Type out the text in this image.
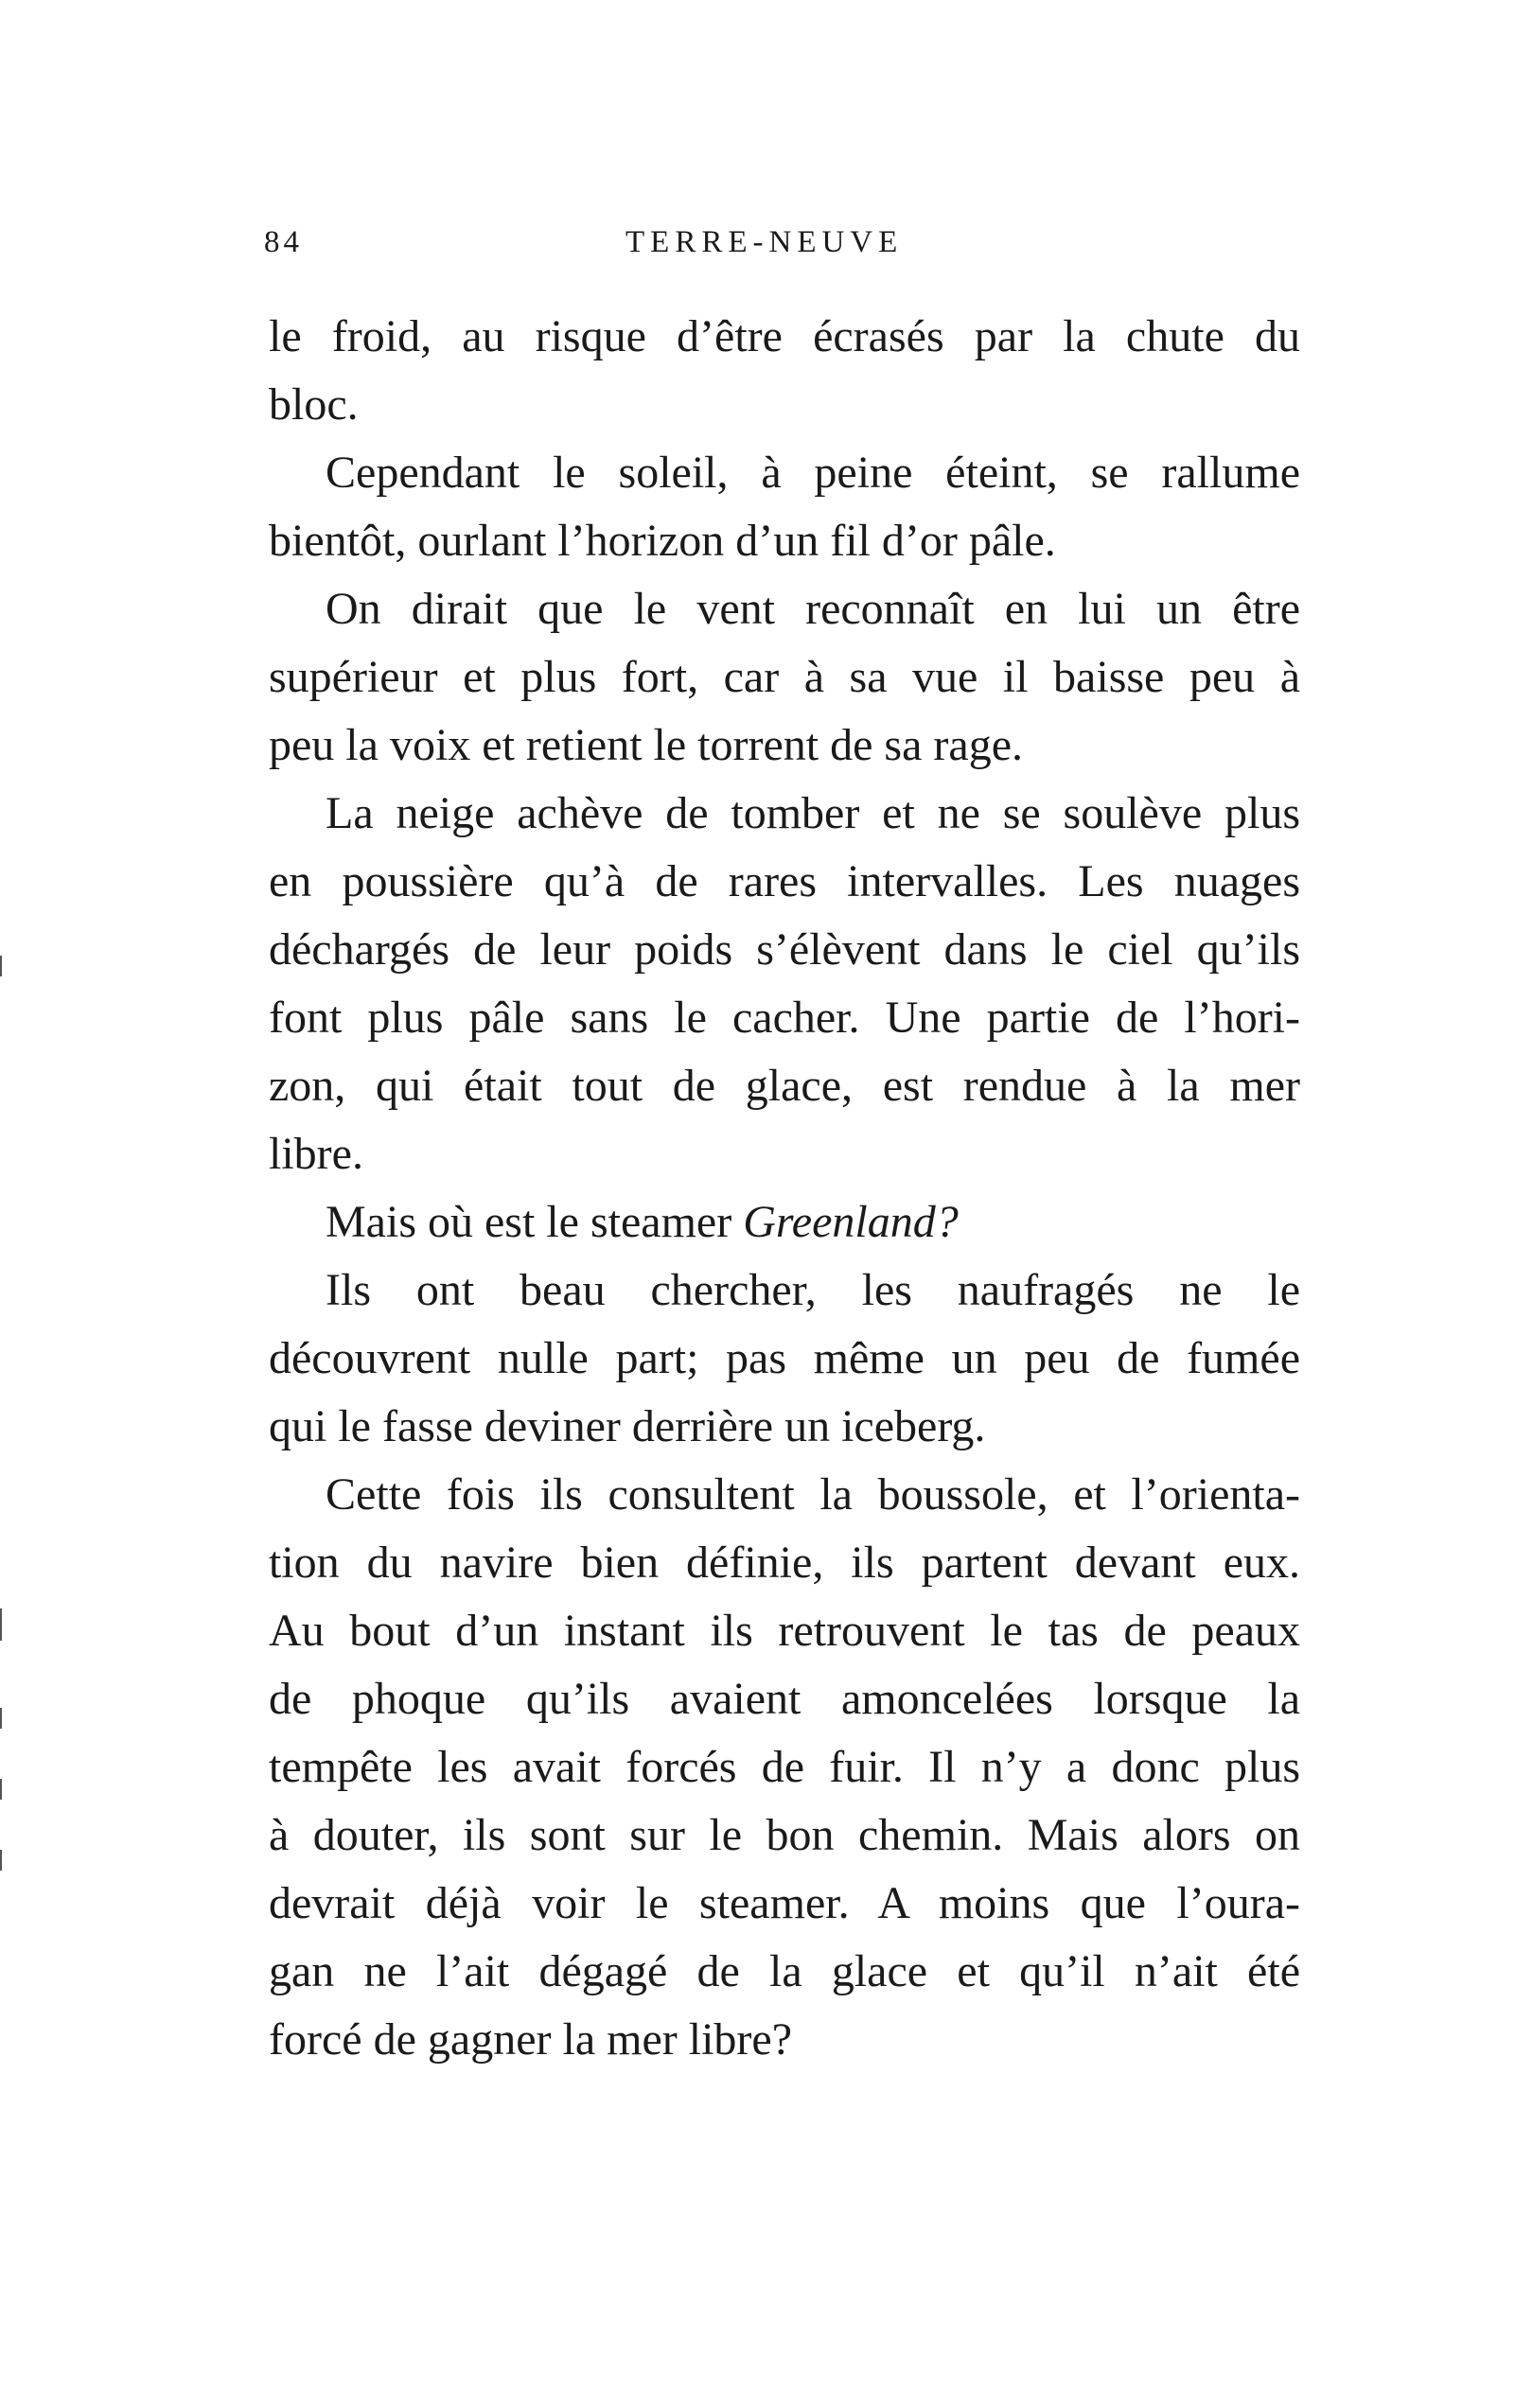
84	TERRE-NEUVE
le froid, au risque d’être écrasés par la chute du
bloc.
Cependant le soleil, à peine éteint, se rallume
bientôt, ourlant l’horizon d’un fil d’or pâle.
On dirait que le vent reconnaît en lui un être
supérieur et plus fort, car à sa vue il baisse peu à
peu la voix et retient le torrent de sa rage.
La neige achève de tomber et ne se soulève plus
en poussière qu’à de rares intervalles. Les nuages
déchargés de leur poids s’élèvent dans le ciel qu’ils
font plus pâle sans le cacher. Une partie de l’hori-
zon, qui était tout de glace, est rendue à la mer
libre.
Mais où est le steamer Greenland?
Ils ont beau chercher, les naufragés ne le
découvrent nulle part; pas même un peu de fumée
qui le fasse deviner derrière un iceberg.
Cette fois ils consultent la boussole, et l’orienta-
tion du navire bien définie, ils partent devant eux.
Au bout d’un instant ils retrouvent le tas de peaux
de phoque qu’ils avaient amoncelées lorsque la
tempête les avait forcés de fuir. Il n’y a donc plus
à douter, ils sont sur le bon chemin. Mais alors on
devrait déjà voir le steamer. A moins que l’oura-
gan ne l’ait dégagé de la glace et qu’il n’ait été
forcé de gagner la mer libre?
